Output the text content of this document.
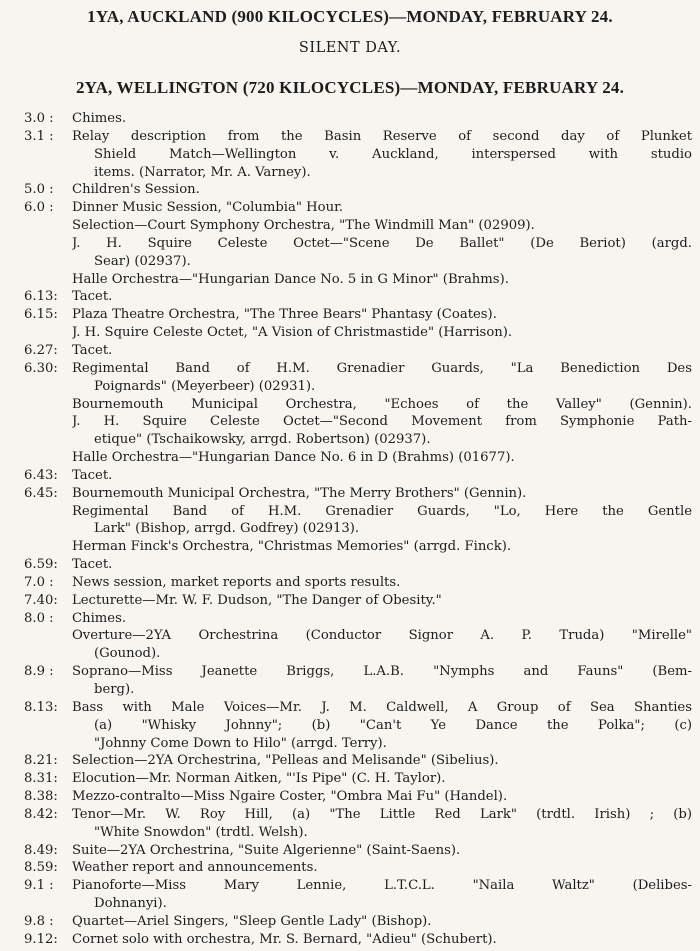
1YA, AUCKLAND (900 KILOCYCLES)—MONDAY, FEBRUARY 24.
SILENT DAY.
2YA, WELLINGTON (720 KILOCYCLES)—MONDAY, FEBRUARY 24.
3.0 :	Chimes.
3.1 :	Relay description from the Basin Reserve of second day of Plunket
Shield Match—Wellington v. Auckland, interspersed with studio
items. (Narrator, Mr. A. Varney).
5.0 :	Children's Session.
6.0 :	Dinner Music Session, "Columbia" Hour.
Selection—Court Symphony Orchestra, "The Windmill Man" (02909).
J. H. Squire Celeste Octet—"Scene De Ballet" (De Beriot) (argd.
Sear) (02937).
Halle Orchestra—"Hungarian Dance No. 5 in G Minor" (Brahms).
6.13:	Tacet.
6.15:	Plaza Theatre Orchestra, "The Three Bears" Phantasy (Coates).
J. H. Squire Celeste Octet, "A Vision of Christmastide" (Harrison).
6.27:	Tacet.
6.30:	Regimental Band of H.M. Grenadier Guards, "La Benediction Des
Poignards" (Meyerbeer) (02931).
Bournemouth Municipal Orchestra, "Echoes of the Valley" (Gennin).
J. H. Squire Celeste Octet—"Second Movement from Symphonie Path-
etique" (Tschaikowsky, arrgd. Robertson) (02937).
Halle Orchestra—"Hungarian Dance No. 6 in D (Brahms) (01677).
6.43:	Tacet.
6.45:	Bournemouth Municipal Orchestra, "The Merry Brothers" (Gennin).
Regimental Band of H.M. Grenadier Guards, "Lo, Here the Gentle
Lark" (Bishop, arrgd. Godfrey) (02913).
Herman Finck's Orchestra, "Christmas Memories" (arrgd. Finck).
6.59:	Tacet.
7.0 :	News session, market reports and sports results.
7.40:	Lecturette—Mr. W. F. Dudson, "The Danger of Obesity."
8.0 :	Chimes.
Overture—2YA Orchestrina (Conductor Signor A. P. Truda) "Mirelle"
(Gounod).
8.9 :	Soprano—Miss Jeanette Briggs, L.A.B. "Nymphs and Fauns" (Bem-
berg).
8.13:	Bass with Male Voices—Mr. J. M. Caldwell, A Group of Sea Shanties
(a) "Whisky Johnny"; (b) "Can't Ye Dance the Polka"; (c)
"Johnny Come Down to Hilo" (arrgd. Terry).
8.21:	Selection—2YA Orchestrina, "Pelleas and Melisande" (Sibelius).
8.31:	Elocution—Mr. Norman Aitken, "'Is Pipe" (C. H. Taylor).
8.38:	Mezzo-contralto—Miss Ngaire Coster, "Ombra Mai Fu" (Handel).
8.42:	Tenor—Mr. W. Roy Hill, (a) "The Little Red Lark" (trdtl. Irish) ; (b)
"White Snowdon" (trdtl. Welsh).
8.49:	Suite—2YA Orchestrina, "Suite Algerienne" (Saint-Saens).
8.59:	Weather report and announcements.
9.1 :	Pianoforte—Miss Mary Lennie, L.T.C.L. "Naila Waltz" (Delibes-
Dohnanyi).
9.8 :	Quartet—Ariel Singers, "Sleep Gentle Lady" (Bishop).
9.12:	Cornet solo with orchestra, Mr. S. Bernard, "Adieu" (Schubert).
